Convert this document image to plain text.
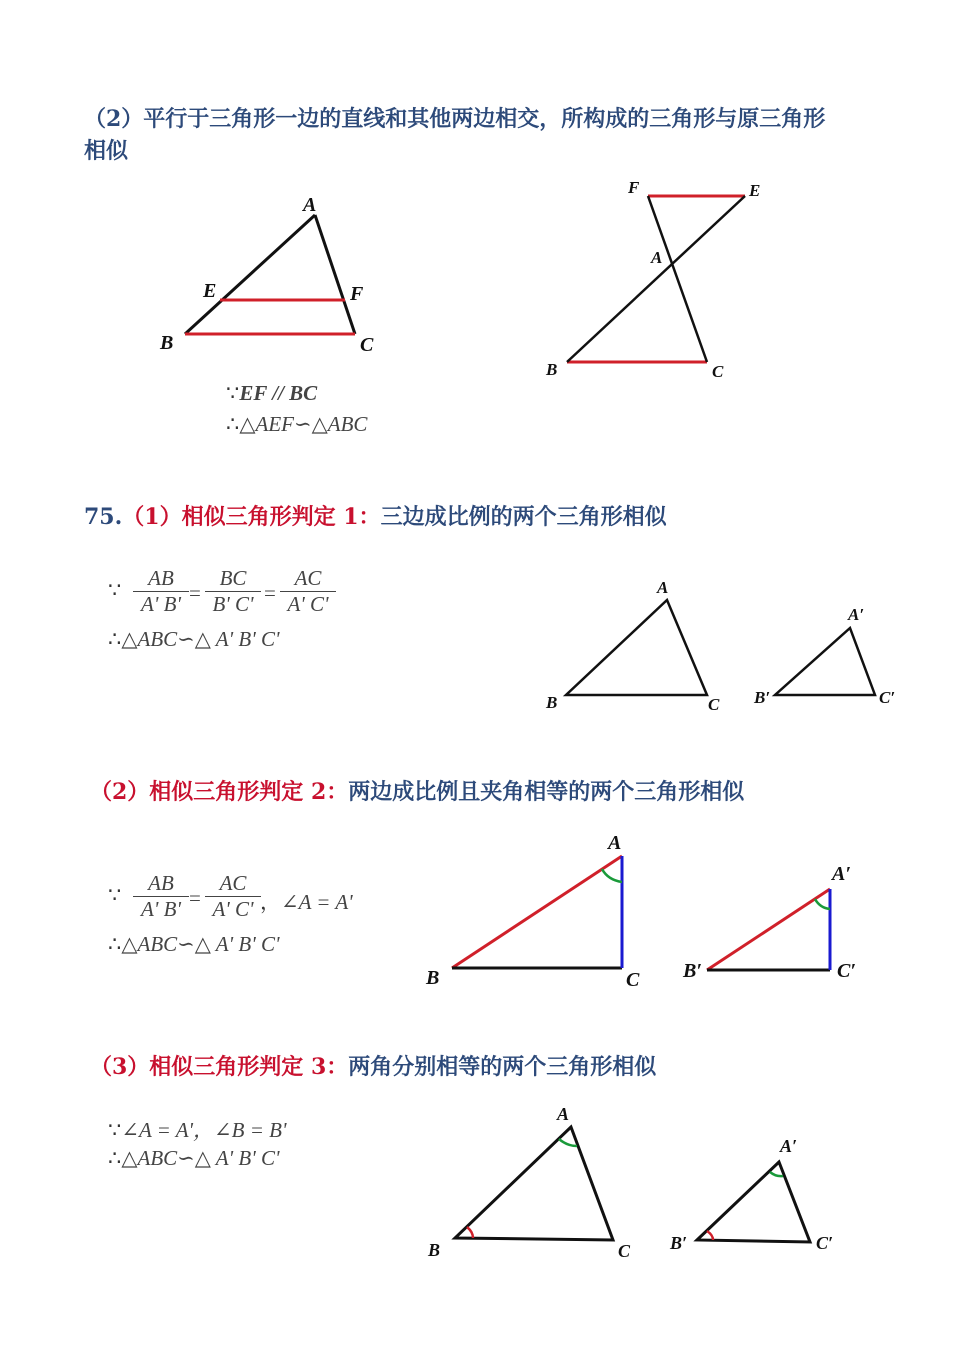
（2）平行于三角形一边的直线和其他两边相交，所构成的三角形与原三角形
相似
A
B	C
E	F
∵EF // BC
∴△AEF∽△ABC
F	E
A
B	C
75.（1）相似三角形判定 1：三边成比例的两个三角形相似
∵ $\frac{AB}{A' B'} = \frac{BC}{B' C'} = \frac{AC}{A' C'}$
∴△ABC∽△ A' B' C'
A
B	C
A′
B′	C′
（2）相似三角形判定 2：两边成比例且夹角相等的两个三角形相似
∵ $\frac{AB}{A' B'} = \frac{AC}{A' C'}$ ，∠A = A'
∴△ABC∽△ A' B' C'
A
B	C
A′
B′	C′
（3）相似三角形判定 3：两角分别相等的两个三角形相似
∵∠A = A'，∠B = B'
∴△ABC∽△ A' B' C'
A
B	C
A′
B′	C′
